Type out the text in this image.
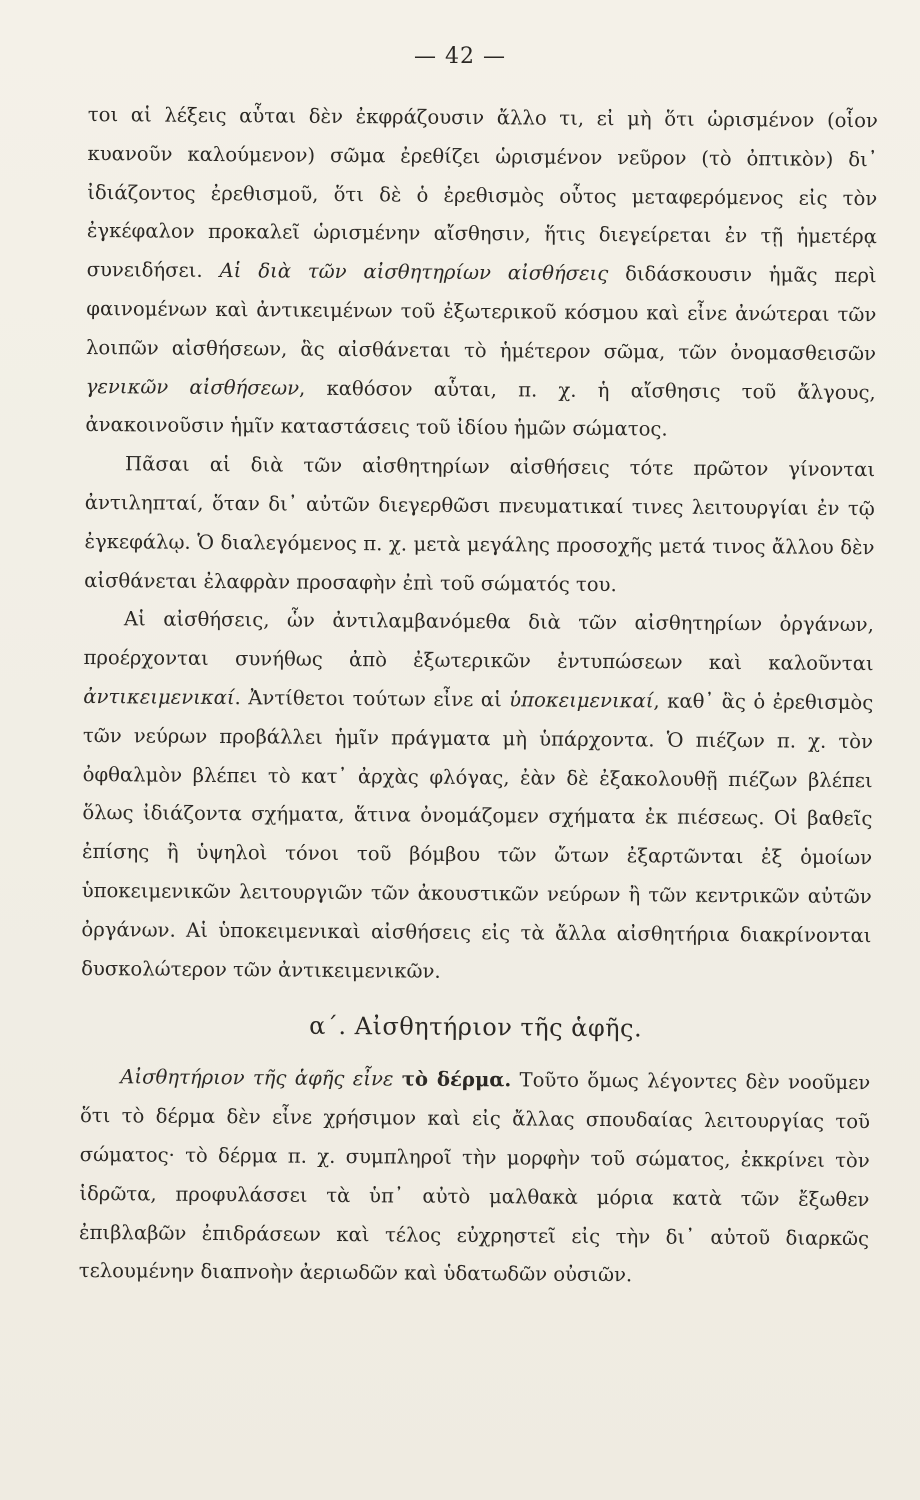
— 42 —

τοι αἱ λέξεις αὗται δὲν ἐκφράζουσιν ἄλλο τι, εἰ μὴ ὅτι ὡρισμένον (οἷον κυανοῦν καλούμενον) σῶμα ἐρεθίζει ὡρισμένον νεῦρον (τὸ ὀπτικὸν) δι᾽ ἰδιάζοντος ἐρεθισμοῦ, ὅτι δὲ ὁ ἐρεθισμὸς οὗτος μεταφερόμενος εἰς τὸν ἐγκέφαλον προκαλεῖ ὡρισμένην αἴσθησιν, ἥτις διεγείρεται ἐν τῇ ἡμετέρᾳ συνειδήσει. Αἱ διὰ τῶν αἰσθητηρίων αἰσθήσεις διδάσκουσιν ἡμᾶς περὶ φαινομένων καὶ ἀντικειμένων τοῦ ἐξωτερικοῦ κόσμου καὶ εἶνε ἀνώτεραι τῶν λοιπῶν αἰσθήσεων, ἃς αἰσθάνεται τὸ ἡμέτερον σῶμα, τῶν ὀνομασθεισῶν γενικῶν αἰσθήσεων, καθόσον αὗται, π. χ. ἡ αἴσθησις τοῦ ἄλγους, ἀνακοινοῦσιν ἡμῖν καταστάσεις τοῦ ἰδίου ἡμῶν σώματος.

Πᾶσαι αἱ διὰ τῶν αἰσθητηρίων αἰσθήσεις τότε πρῶτον γίνονται ἀντιληπταί, ὅταν δι᾽ αὐτῶν διεγερθῶσι πνευματικαί τινες λειτουργίαι ἐν τῷ ἐγκεφάλῳ. Ὁ διαλεγόμενος π. χ. μετὰ μεγάλης προσοχῆς μετά τινος ἄλλου δὲν αἰσθάνεται ἐλαφρὰν προσαφὴν ἐπὶ τοῦ σώματός του.

Αἱ αἰσθήσεις, ὧν ἀντιλαμβανόμεθα διὰ τῶν αἰσθητηρίων ὀργάνων, προέρχονται συνήθως ἀπὸ ἐξωτερικῶν ἐντυπώσεων καὶ καλοῦνται ἀντικειμενικαί. Ἀντίθετοι τούτων εἶνε αἱ ὑποκειμενικαί, καθ᾽ ἃς ὁ ἐρεθισμὸς τῶν νεύρων προβάλλει ἡμῖν πράγματα μὴ ὑπάρχοντα. Ὁ πιέζων π. χ. τὸν ὀφθαλμὸν βλέπει τὸ κατ᾽ ἀρχὰς φλόγας, ἐὰν δὲ ἐξακολουθῇ πιέζων βλέπει ὅλως ἰδιάζοντα σχήματα, ἅτινα ὀνομάζομεν σχήματα ἐκ πιέσεως. Οἱ βαθεῖς ἐπίσης ἢ ὑψηλοὶ τόνοι τοῦ βόμβου τῶν ὤτων ἐξαρτῶνται ἐξ ὁμοίων ὑποκειμενικῶν λειτουργιῶν τῶν ἀκουστικῶν νεύρων ἢ τῶν κεντρικῶν αὐτῶν ὀργάνων. Αἱ ὑποκειμενικαὶ αἰσθήσεις εἰς τὰ ἄλλα αἰσθητήρια διακρίνονται δυσκολώτερον τῶν ἀντικειμενικῶν.

α΄. Αἰσθητήριον τῆς ἁφῆς.

Αἰσθητήριον τῆς ἁφῆς εἶνε τὸ δέρμα. Τοῦτο ὅμως λέγοντες δὲν νοοῦμεν ὅτι τὸ δέρμα δὲν εἶνε χρήσιμον καὶ εἰς ἄλλας σπουδαίας λειτουργίας τοῦ σώματος· τὸ δέρμα π. χ. συμπληροῖ τὴν μορφὴν τοῦ σώματος, ἐκκρίνει τὸν ἱδρῶτα, προφυλάσσει τὰ ὑπ᾽ αὐτὸ μαλθακὰ μόρια κατὰ τῶν ἔξωθεν ἐπιβλαβῶν ἐπιδράσεων καὶ τέλος εὐχρηστεῖ εἰς τὴν δι᾽ αὐτοῦ διαρκῶς τελουμένην διαπνοὴν ἀεριωδῶν καὶ ὑδατωδῶν οὐσιῶν.
